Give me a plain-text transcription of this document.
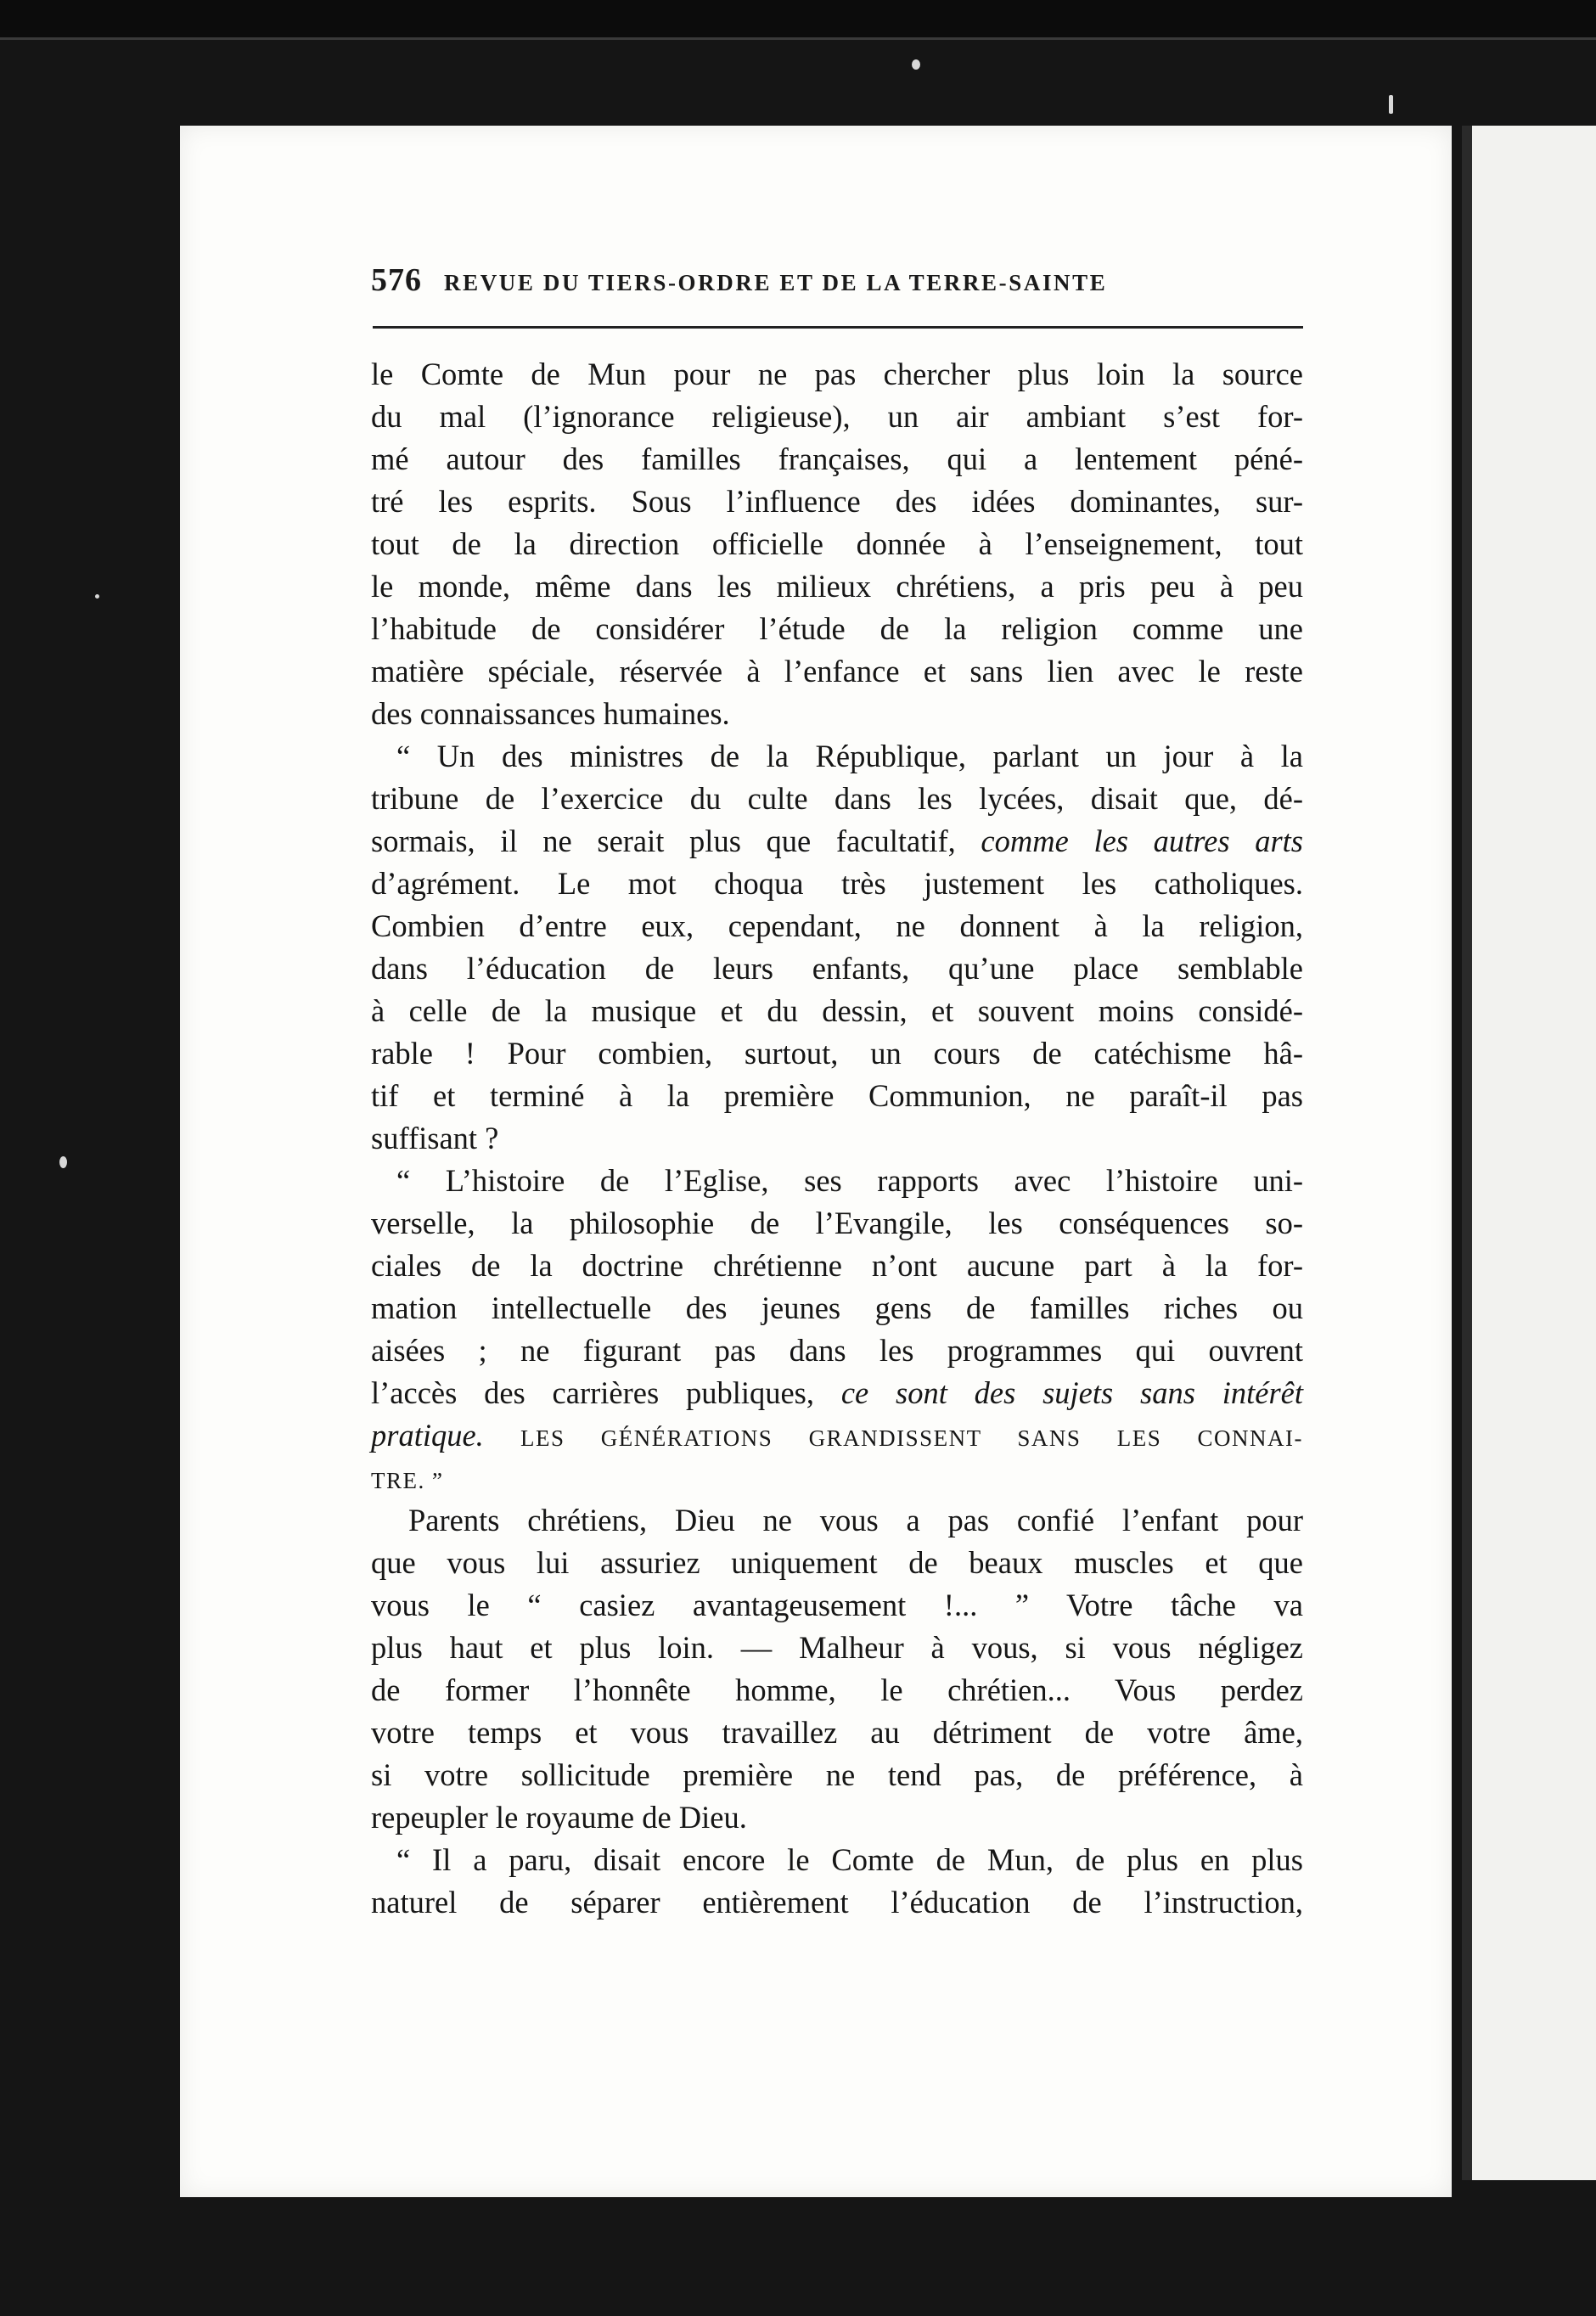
576 REVUE DU TIERS-ORDRE ET DE LA TERRE-SAINTE
le Comte de Mun pour ne pas chercher plus loin la source
du mal (l’ignorance religieuse), un air ambiant s’est for-
mé autour des familles françaises, qui a lentement péné-
tré les esprits. Sous l’influence des idées dominantes, sur-
tout de la direction officielle donnée à l’enseignement, tout
le monde, même dans les milieux chrétiens, a pris peu à peu
l’habitude de considérer l’étude de la religion comme une
matière spéciale, réservée à l’enfance et sans lien avec le reste
des connaissances humaines.
“ Un des ministres de la République, parlant un jour à la
tribune de l’exercice du culte dans les lycées, disait que, dé-
sormais, il ne serait plus que facultatif, comme les autres arts
d’agrément. Le mot choqua très justement les catholiques.
Combien d’entre eux, cependant, ne donnent à la religion,
dans l’éducation de leurs enfants, qu’une place semblable
à celle de la musique et du dessin, et souvent moins considé-
rable ! Pour combien, surtout, un cours de catéchisme hâ-
tif et terminé à la première Communion, ne paraît-il pas
suffisant ?
“ L’histoire de l’Eglise, ses rapports avec l’histoire uni-
verselle, la philosophie de l’Evangile, les conséquences so-
ciales de la doctrine chrétienne n’ont aucune part à la for-
mation intellectuelle des jeunes gens de familles riches ou
aisées ; ne figurant pas dans les programmes qui ouvrent
l’accès des carrières publiques, ce sont des sujets sans intérêt
pratique. LES GÉNÉRATIONS GRANDISSENT SANS LES CONNAI-
TRE. ”
Parents chrétiens, Dieu ne vous a pas confié l’enfant pour
que vous lui assuriez uniquement de beaux muscles et que
vous le “ casiez avantageusement !... ” Votre tâche va
plus haut et plus loin. — Malheur à vous, si vous négligez
de former l’honnête homme, le chrétien... Vous perdez
votre temps et vous travaillez au détriment de votre âme,
si votre sollicitude première ne tend pas, de préférence, à
repeupler le royaume de Dieu.
“ Il a paru, disait encore le Comte de Mun, de plus en plus
naturel de séparer entièrement l’éducation de l’instruction,
